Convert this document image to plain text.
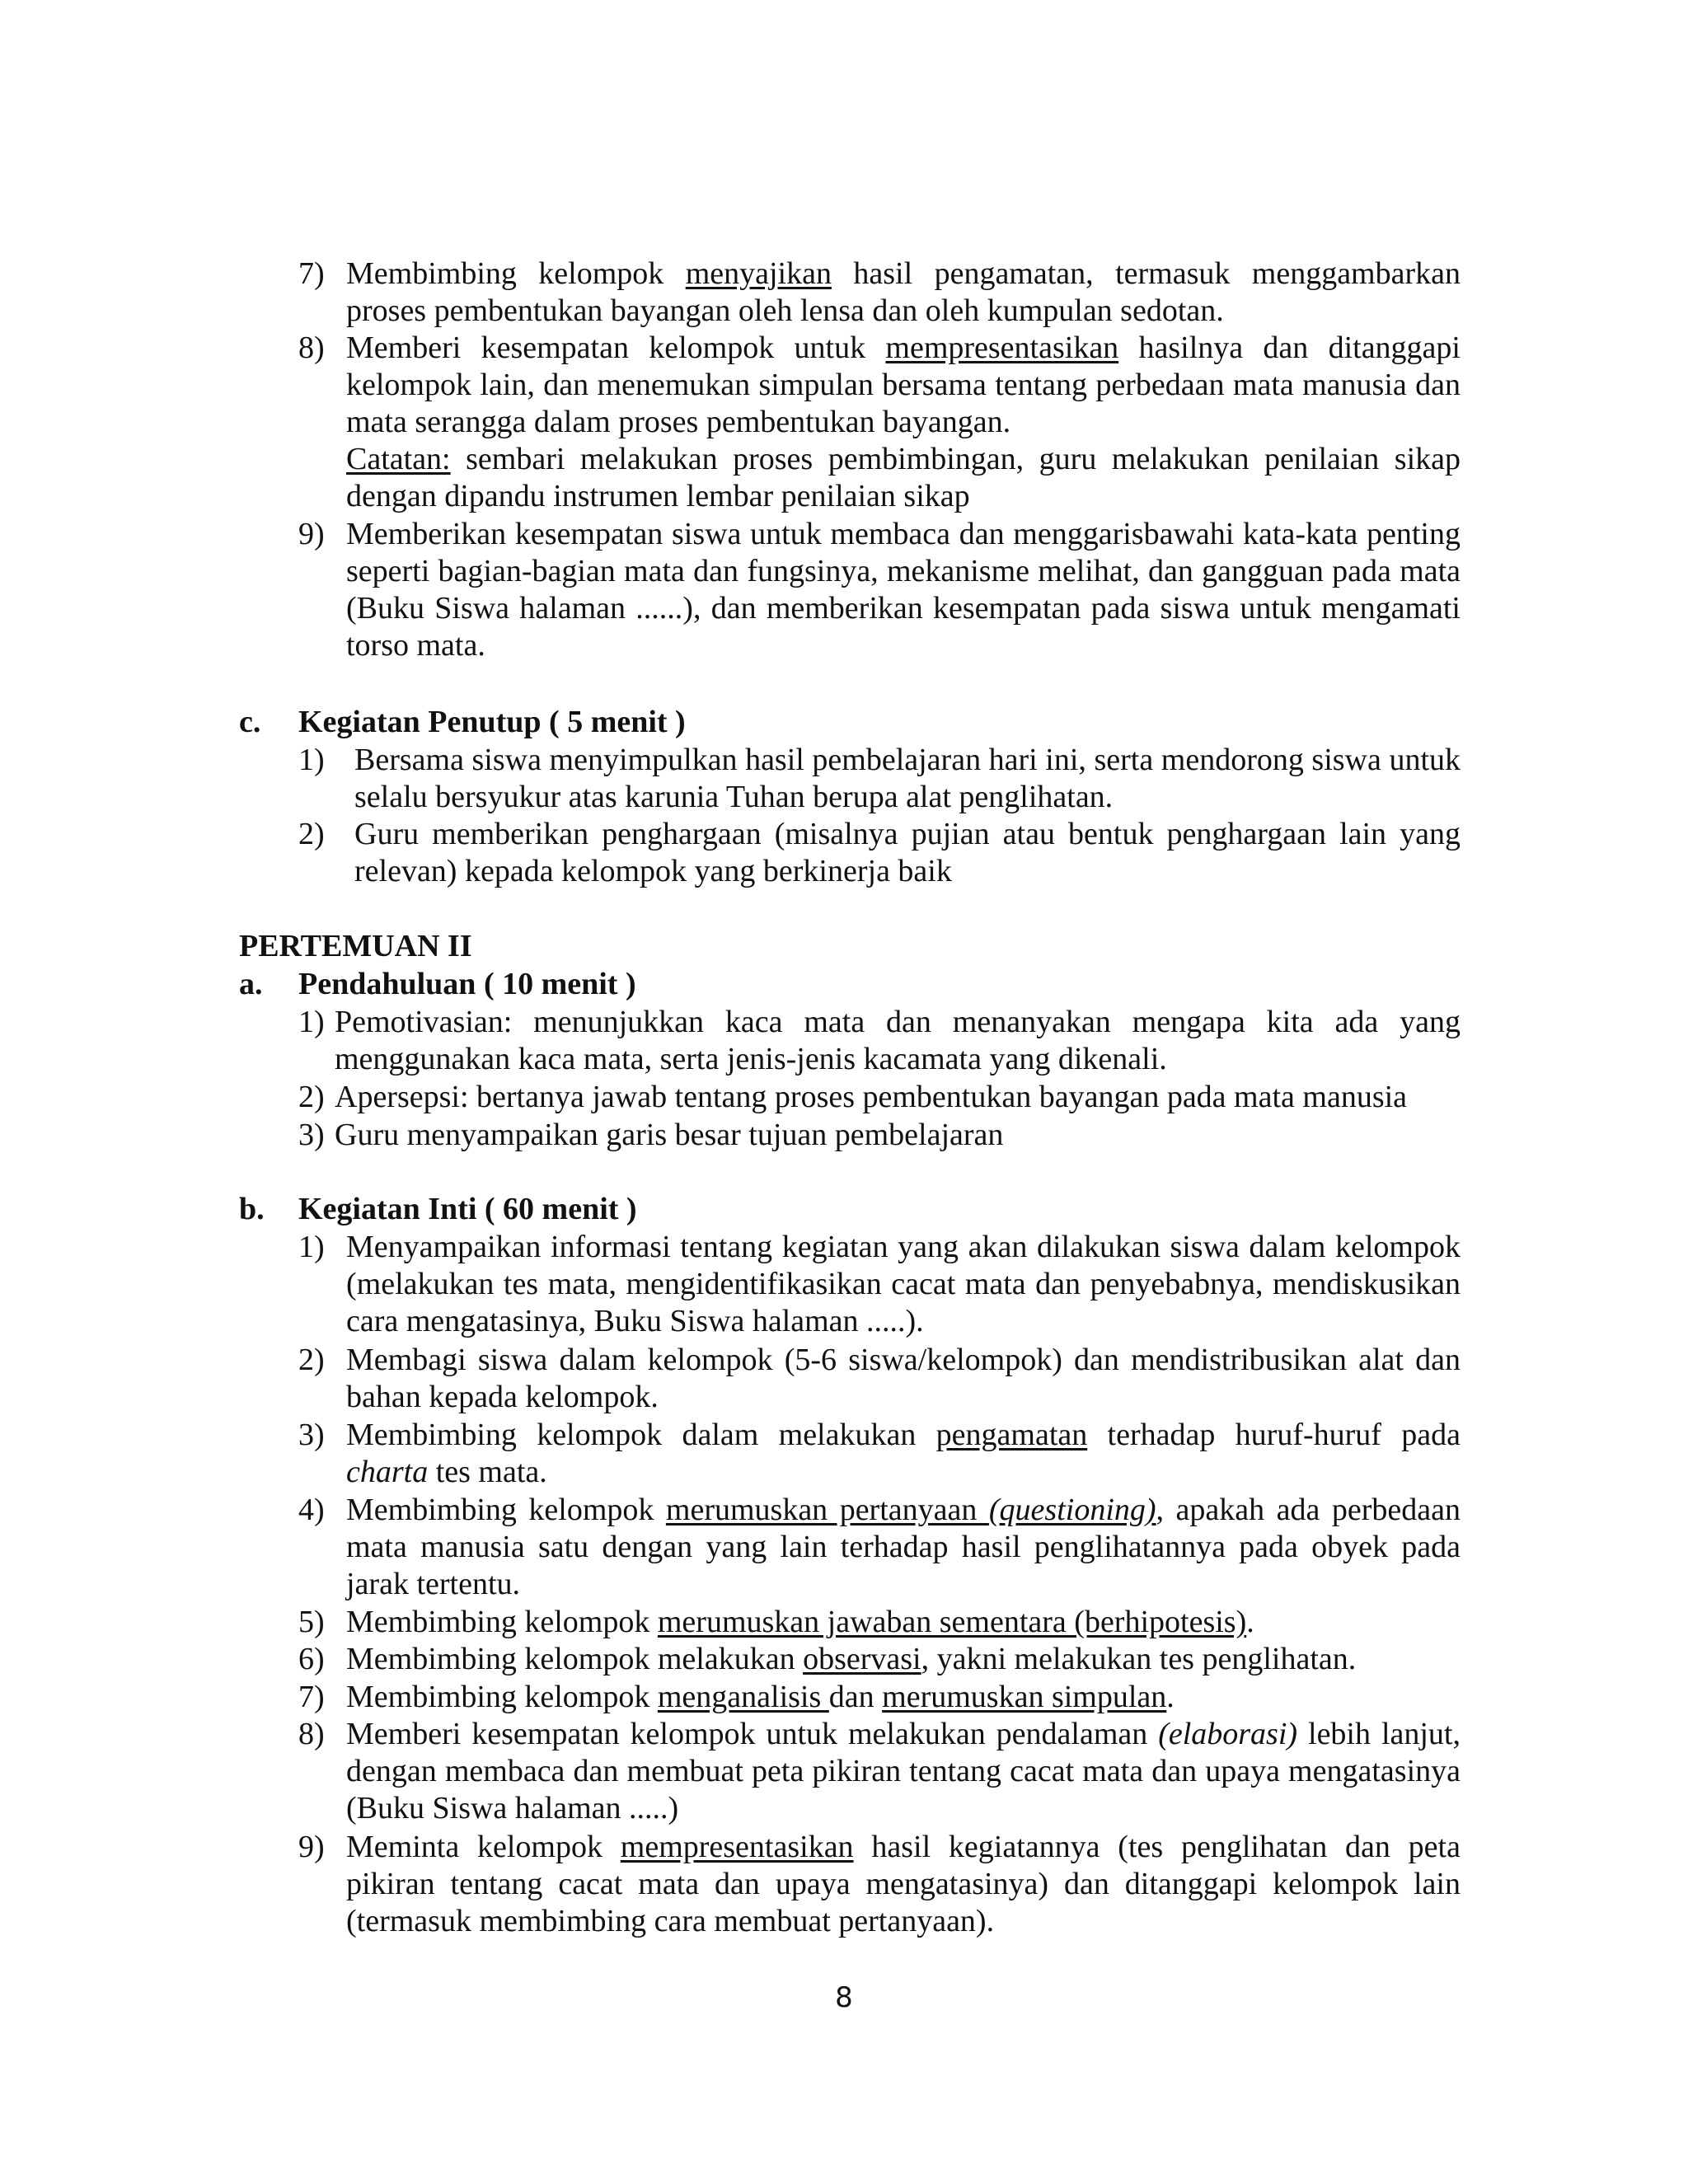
7) Membimbing kelompok menyajikan hasil pengamatan, termasuk menggambarkan proses pembentukan bayangan oleh lensa dan oleh kumpulan sedotan.
8) Memberi kesempatan kelompok untuk mempresentasikan hasilnya dan ditanggapi kelompok lain, dan menemukan simpulan bersama tentang perbedaan mata manusia dan mata serangga dalam proses pembentukan bayangan.
Catatan: sembari melakukan proses pembimbingan, guru melakukan penilaian sikap dengan dipandu instrumen lembar penilaian sikap
9) Memberikan kesempatan siswa untuk membaca dan menggarisbawahi kata-kata penting seperti bagian-bagian mata dan fungsinya, mekanisme melihat, dan gangguan pada mata (Buku Siswa halaman ......), dan memberikan kesempatan pada siswa untuk mengamati torso mata.
c. Kegiatan Penutup ( 5 menit )
1) Bersama siswa menyimpulkan hasil pembelajaran hari ini, serta mendorong siswa untuk selalu bersyukur atas karunia Tuhan berupa alat penglihatan.
2) Guru memberikan penghargaan (misalnya pujian atau bentuk penghargaan lain yang relevan) kepada kelompok yang berkinerja baik
PERTEMUAN II
a. Pendahuluan ( 10 menit )
1) Pemotivasian: menunjukkan kaca mata dan menanyakan mengapa kita ada yang menggunakan kaca mata, serta jenis-jenis kacamata yang dikenali.
2) Apersepsi: bertanya jawab tentang proses pembentukan bayangan pada mata manusia
3) Guru menyampaikan garis besar tujuan pembelajaran
b. Kegiatan Inti ( 60 menit )
1) Menyampaikan informasi tentang kegiatan yang akan dilakukan siswa dalam kelompok (melakukan tes mata, mengidentifikasikan cacat mata dan penyebabnya, mendiskusikan cara mengatasinya, Buku Siswa halaman .....).
2) Membagi siswa dalam kelompok (5-6 siswa/kelompok) dan mendistribusikan alat dan bahan kepada kelompok.
3) Membimbing kelompok dalam melakukan pengamatan terhadap huruf-huruf pada charta tes mata.
4) Membimbing kelompok merumuskan pertanyaan (questioning), apakah ada perbedaan mata manusia satu dengan yang lain terhadap hasil penglihatannya pada obyek pada jarak tertentu.
5) Membimbing kelompok merumuskan jawaban sementara (berhipotesis).
6) Membimbing kelompok melakukan observasi, yakni melakukan tes penglihatan.
7) Membimbing kelompok menganalisis dan merumuskan simpulan.
8) Memberi kesempatan kelompok untuk melakukan pendalaman (elaborasi) lebih lanjut, dengan membaca dan membuat peta pikiran tentang cacat mata dan upaya mengatasinya (Buku Siswa halaman .....)
9) Meminta kelompok mempresentasikan hasil kegiatannya (tes penglihatan dan peta pikiran tentang cacat mata dan upaya mengatasinya) dan ditanggapi kelompok lain (termasuk membimbing cara membuat pertanyaan).
8
